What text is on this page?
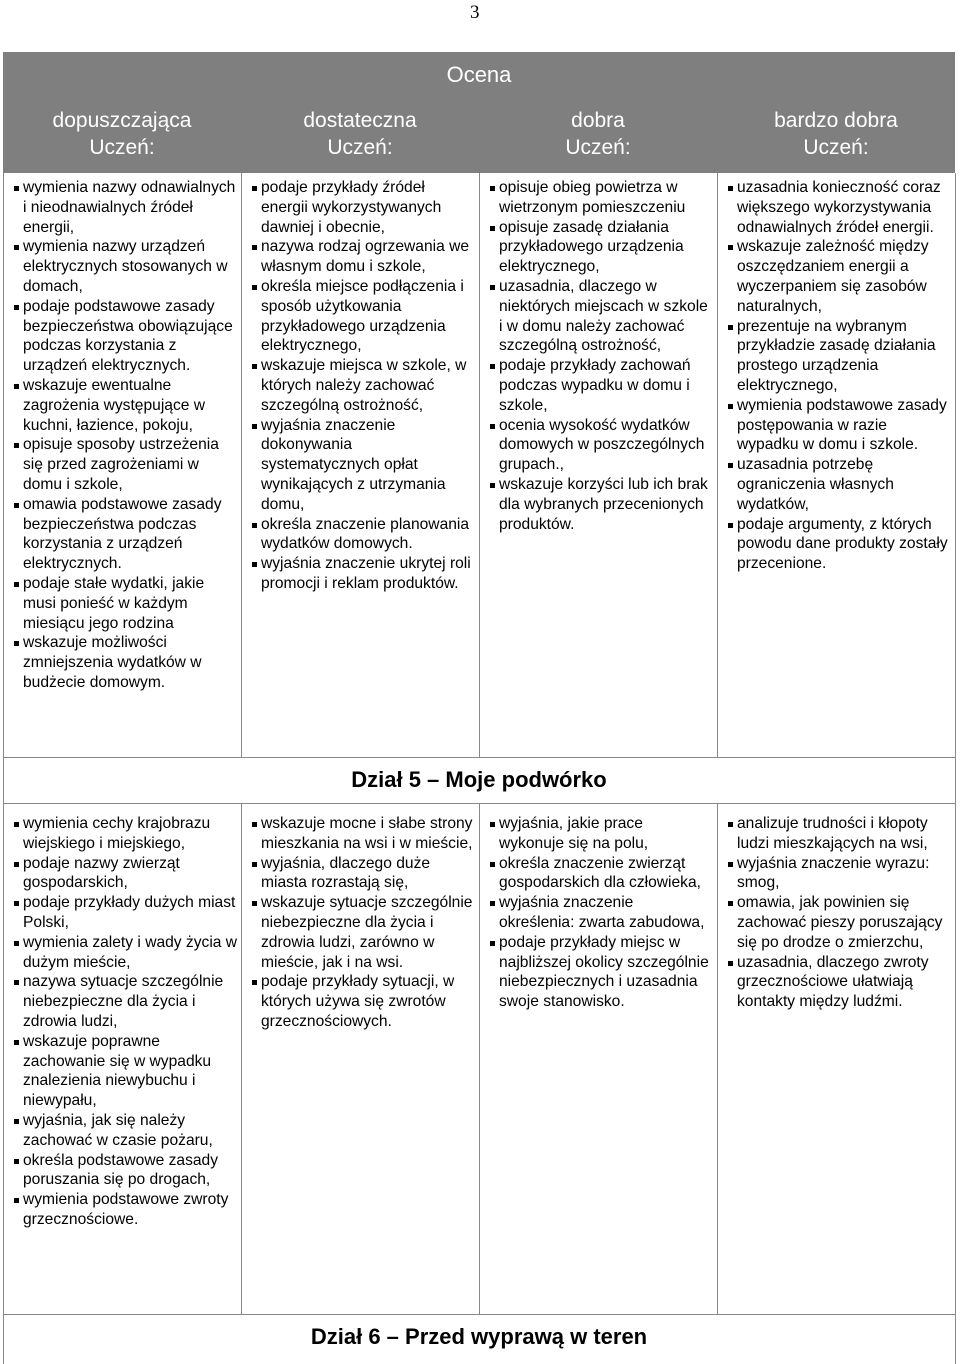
3
Ocena
dopuszczająca
Uczeń:
dostateczna
Uczeń:
dobra
Uczeń:
bardzo dobra
Uczeń:
wymienia nazwy odnawialnych i nieodnawialnych źródeł energii,
wymienia nazwy urządzeń elektrycznych stosowanych w domach,
podaje podstawowe zasady bezpieczeństwa obowiązujące podczas korzystania z urządzeń elektrycznych.
wskazuje ewentualne zagrożenia występujące w kuchni, łazience, pokoju,
opisuje sposoby ustrzeżenia się przed zagrożeniami w domu i szkole,
omawia podstawowe zasady bezpieczeństwa podczas korzystania z urządzeń elektrycznych.
podaje stałe wydatki, jakie musi ponieść w każdym miesiącu jego rodzina
wskazuje możliwości zmniejszenia wydatków w budżecie domowym.
podaje przykłady źródeł energii wykorzystywanych dawniej i obecnie,
nazywa rodzaj ogrzewania we własnym domu i szkole,
określa miejsce podłączenia i sposób użytkowania przykładowego urządzenia elektrycznego,
wskazuje miejsca w szkole, w których należy zachować szczególną ostrożność,
wyjaśnia znaczenie dokonywania systematycznych opłat wynikających z utrzymania domu,
określa znaczenie planowania wydatków domowych.
wyjaśnia znaczenie ukrytej roli promocji i reklam produktów.
opisuje obieg powietrza w wietrzonym pomieszczeniu
opisuje zasadę działania przykładowego urządzenia elektrycznego,
uzasadnia, dlaczego w niektórych miejscach w szkole i w domu należy zachować szczególną ostrożność,
podaje przykłady zachowań podczas wypadku w domu i szkole,
ocenia wysokość wydatków domowych w poszczególnych grupach.,
wskazuje korzyści lub ich brak dla wybranych przecenionych produktów.
uzasadnia konieczność coraz większego wykorzystywania odnawialnych źródeł energii.
wskazuje zależność między oszczędzaniem energii a wyczerpaniem się zasobów naturalnych,
prezentuje na wybranym przykładzie zasadę działania prostego urządzenia elektrycznego,
wymienia podstawowe zasady postępowania w razie wypadku w domu i szkole.
uzasadnia potrzebę ograniczenia własnych wydatków,
podaje argumenty, z których powodu dane produkty zostały przecenione.
Dział 5 – Moje podwórko
wymienia cechy krajobrazu wiejskiego i miejskiego,
podaje nazwy zwierząt gospodarskich,
podaje przykłady dużych miast Polski,
wymienia zalety i wady życia w dużym mieście,
nazywa sytuacje szczególnie niebezpieczne dla życia i zdrowia ludzi,
wskazuje poprawne zachowanie się w wypadku znalezienia niewybuchu i niewypału,
wyjaśnia, jak się należy zachować w czasie pożaru,
określa podstawowe zasady poruszania się po drogach,
wymienia podstawowe zwroty grzecznościowe.
wskazuje mocne i słabe strony mieszkania na wsi i w mieście,
wyjaśnia, dlaczego duże miasta rozrastają się,
wskazuje sytuacje szczególnie niebezpieczne dla życia i zdrowia ludzi, zarówno w mieście, jak i na wsi.
podaje przykłady sytuacji, w których używa się zwrotów grzecznościowych.
wyjaśnia, jakie prace wykonuje się na polu,
określa znaczenie zwierząt gospodarskich dla człowieka,
wyjaśnia znaczenie określenia: zwarta zabudowa,
podaje przykłady miejsc w najbliższej okolicy szczególnie niebezpiecznych i uzasadnia swoje stanowisko.
analizuje trudności i kłopoty ludzi mieszkających na wsi,
wyjaśnia znaczenie wyrazu: smog,
omawia, jak powinien się zachować pieszy poruszający się po drodze o zmierzchu,
uzasadnia, dlaczego zwroty grzecznościowe ułatwiają kontakty między ludźmi.
Dział 6 – Przed wyprawą w teren
